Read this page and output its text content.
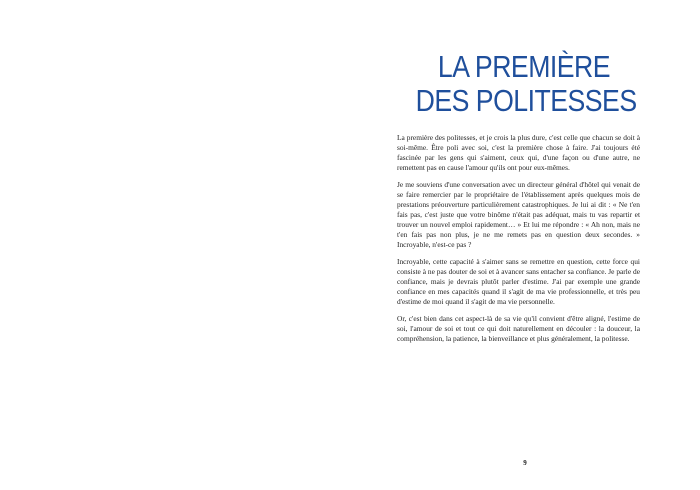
LA PREMIÈRE
DES POLITESSES

La première des politesses, et je crois la plus dure, c'est celle que chacun se doit à soi-même. Être poli avec soi, c'est la première chose à faire. J'ai toujours été fascinée par les gens qui s'aiment, ceux qui, d'une façon ou d'une autre, ne remettent pas en cause l'amour qu'ils ont pour eux-mêmes.

Je me souviens d'une conversation avec un directeur général d'hôtel qui venait de se faire remercier par le propriétaire de l'établissement après quelques mois de prestations préouverture particulièrement catastrophiques. Je lui ai dit : « Ne t'en fais pas, c'est juste que votre binôme n'était pas adéquat, mais tu vas repartir et trouver un nouvel emploi rapidement… » Et lui me répondre : « Ah non, mais ne t'en fais pas non plus, je ne me remets pas en question deux secondes. » Incroyable, n'est-ce pas ?

Incroyable, cette capacité à s'aimer sans se remettre en question, cette force qui consiste à ne pas douter de soi et à avancer sans entacher sa confiance. Je parle de confiance, mais je devrais plutôt parler d'estime. J'ai par exemple une grande confiance en mes capacités quand il s'agit de ma vie professionnelle, et très peu d'estime de moi quand il s'agit de ma vie personnelle.

Or, c'est bien dans cet aspect-là de sa vie qu'il convient d'être aligné, l'estime de soi, l'amour de soi et tout ce qui doit naturellement en découler : la douceur, la compréhension, la patience, la bienveillance et plus généralement, la politesse.

9
